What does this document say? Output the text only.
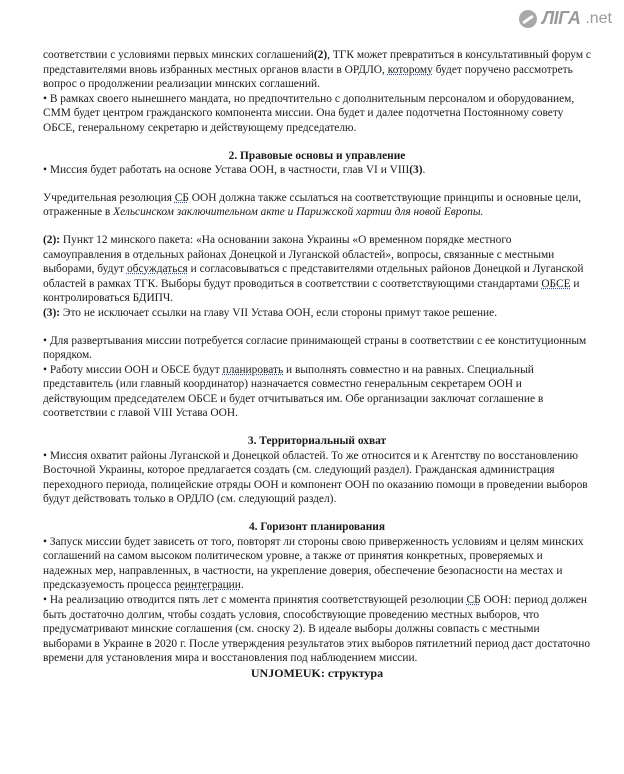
ЛIГА .net

соответствии с условиями первых минских соглашений(2), ТГК может превратиться в консультативный форум с представителями вновь избранных местных органов власти в ОРДЛО, которому будет поручено рассмотреть вопрос о продолжении реализации минских соглашений.

• В рамках своего нынешнего мандата, но предпочтительно с дополнительным персоналом и оборудованием, СММ будет центром гражданского компонента миссии. Она будет и далее подотчетна Постоянному совету ОБСЕ, генеральному секретарю и действующему председателю.

2. Правовые основы и управление

• Миссия будет работать на основе Устава ООН, в частности, глав VI и VIII(3).

Учредительная резолюция СБ ООН должна также ссылаться на соответствующие принципы и основные цели, отраженные в Хельсинском заключительном акте и Парижской хартии для новой Европы.

(2): Пункт 12 минского пакета: «На основании закона Украины «О временном порядке местного самоуправления в отдельных районах Донецкой и Луганской областей», вопросы, связанные с местными выборами, будут обсуждаться и согласовываться с представителями отдельных районов Донецкой и Луганской областей в рамках ТГК. Выборы будут проводиться в соответствии с соответствующими стандартами ОБСЕ и контролироваться БДИПЧ.

(3): Это не исключает ссылки на главу VII Устава ООН, если стороны примут такое решение.

• Для развертывания миссии потребуется согласие принимающей страны в соответствии с ее конституционным порядком.

• Работу миссии ООН и ОБСЕ будут планировать и выполнять совместно и на равных. Специальный представитель (или главный координатор) назначается совместно генеральным секретарем ООН и действующим председателем ОБСЕ и будет отчитываться им. Обе организации заключат соглашение в соответствии с главой VIII Устава ООН.

3. Территориальный охват

• Миссия охватит районы Луганской и Донецкой областей. То же относится и к Агентству по восстановлению Восточной Украины, которое предлагается создать (см. следующий раздел). Гражданская администрация переходного периода, полицейские отряды ООН и компонент ООН по оказанию помощи в проведении выборов будут действовать только в ОРДЛО (см. следующий раздел).

4. Горизонт планирования

• Запуск миссии будет зависеть от того, повторят ли стороны свою приверженность условиям и целям минских соглашений на самом высоком политическом уровне, а также от принятия конкретных, проверяемых и надежных мер, направленных, в частности, на укрепление доверия, обеспечение безопасности на местах и предсказуемость процесса реинтеграции.

• На реализацию отводится пять лет с момента принятия соответствующей резолюции СБ ООН: период должен быть достаточно долгим, чтобы создать условия, способствующие проведению местных выборов, что предусматривают минские соглашения (см. сноску 2). В идеале выборы должны совпасть с местными выборами в Украине в 2020 г. После утверждения результатов этих выборов пятилетний период даст достаточно времени для установления мира и восстановления под наблюдением миссии.

UNJOMEUK: структура
